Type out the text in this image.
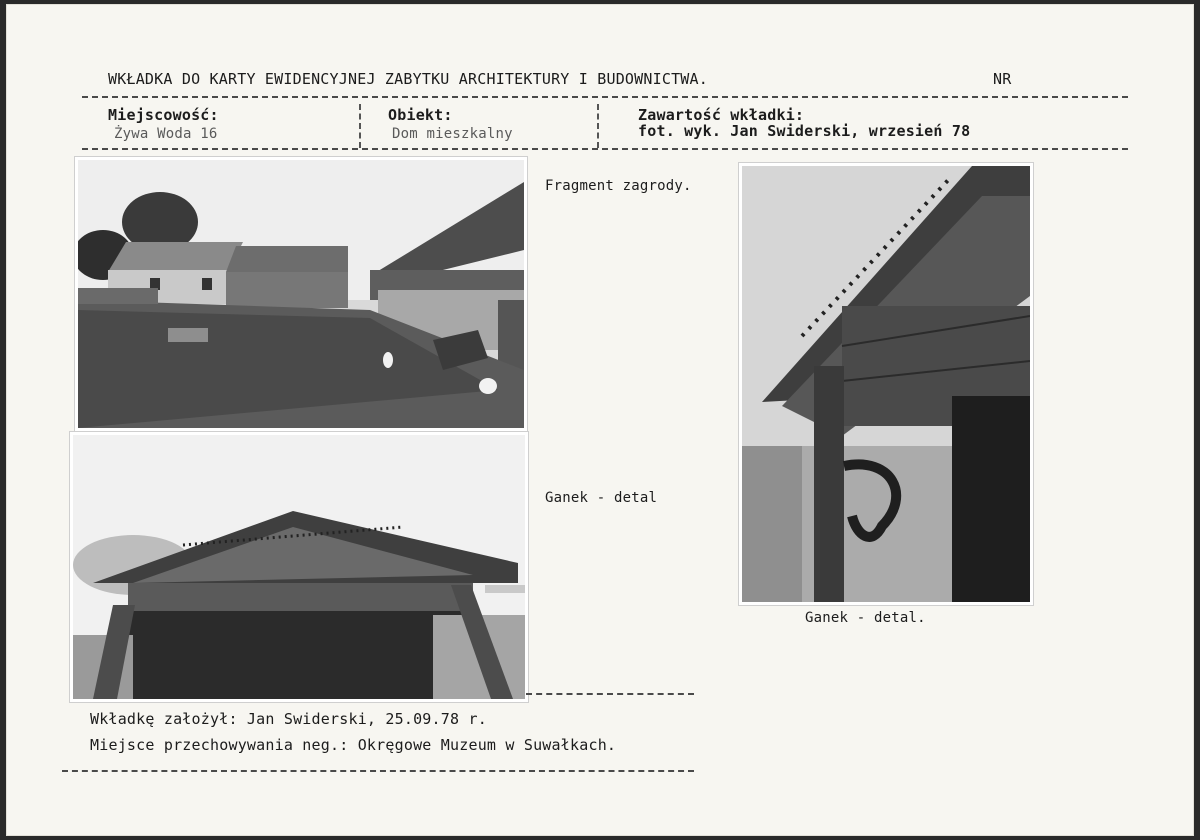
WKŁADKA DO KARTY EWIDENCYJNEJ ZABYTKU ARCHITEKTURY I BUDOWNICTWA.	NR
Miejscowość:
Żywa Woda 16
Obiekt:
Dom mieszkalny
Zawartość wkładki:
fot. wyk. Jan Swiderski, wrzesień 78
Fragment zagrody.
Ganek - detal
Ganek - detal.
Wkładkę założył: Jan Swiderski, 25.09.78 r.
Miejsce przechowywania neg.: Okręgowe Muzeum w Suwałkach.
